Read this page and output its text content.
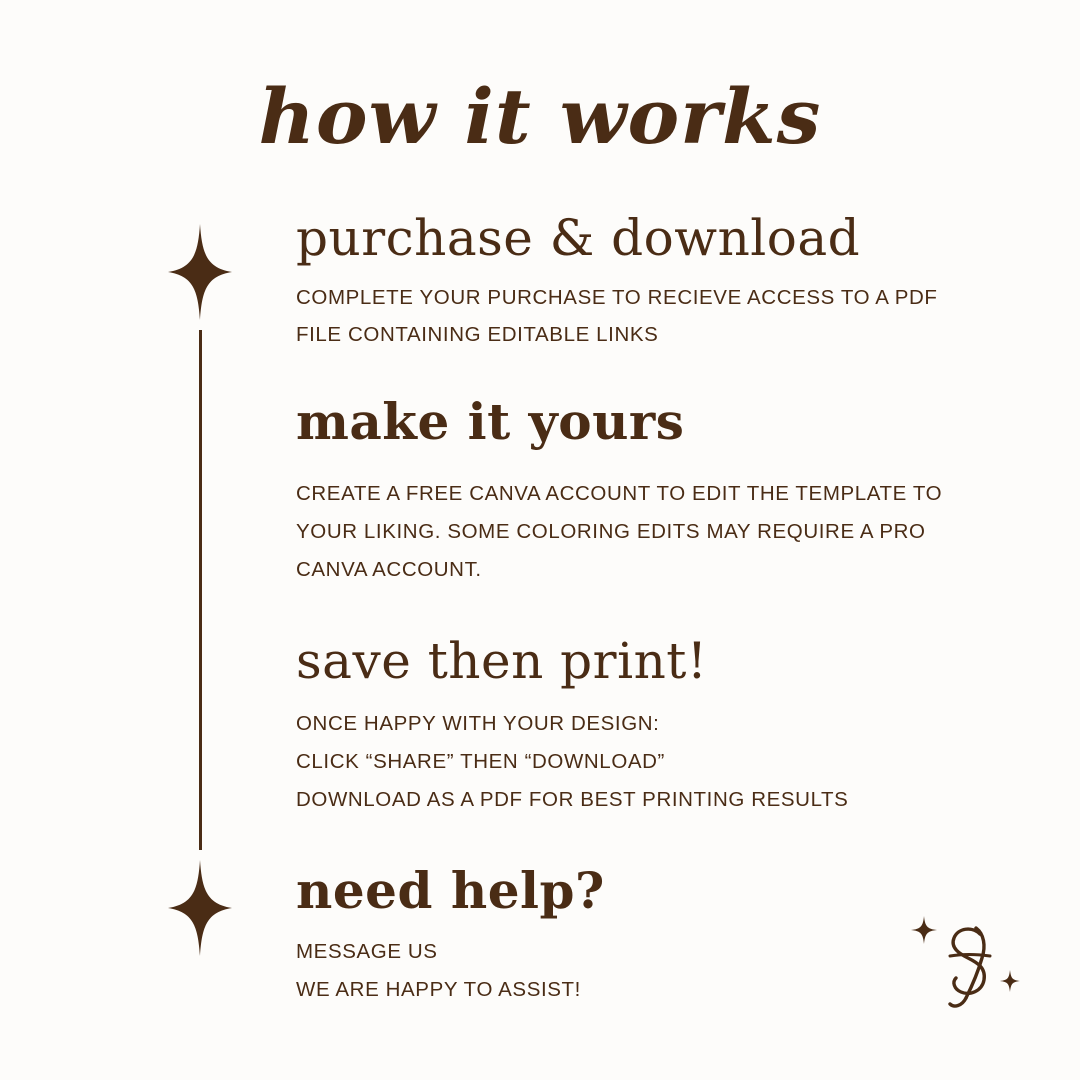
how it works
purchase & download
COMPLETE YOUR PURCHASE TO RECIEVE ACCESS TO A PDF FILE CONTAINING EDITABLE LINKS
make it yours
CREATE A FREE CANVA ACCOUNT TO EDIT THE TEMPLATE TO YOUR LIKING. SOME COLORING EDITS MAY REQUIRE A PRO CANVA ACCOUNT.
save then print!
ONCE HAPPY WITH YOUR DESIGN:
CLICK “SHARE” THEN “DOWNLOAD”
DOWNLOAD AS A PDF FOR BEST PRINTING RESULTS
need help?
MESSAGE US
WE ARE HAPPY TO ASSIST!
